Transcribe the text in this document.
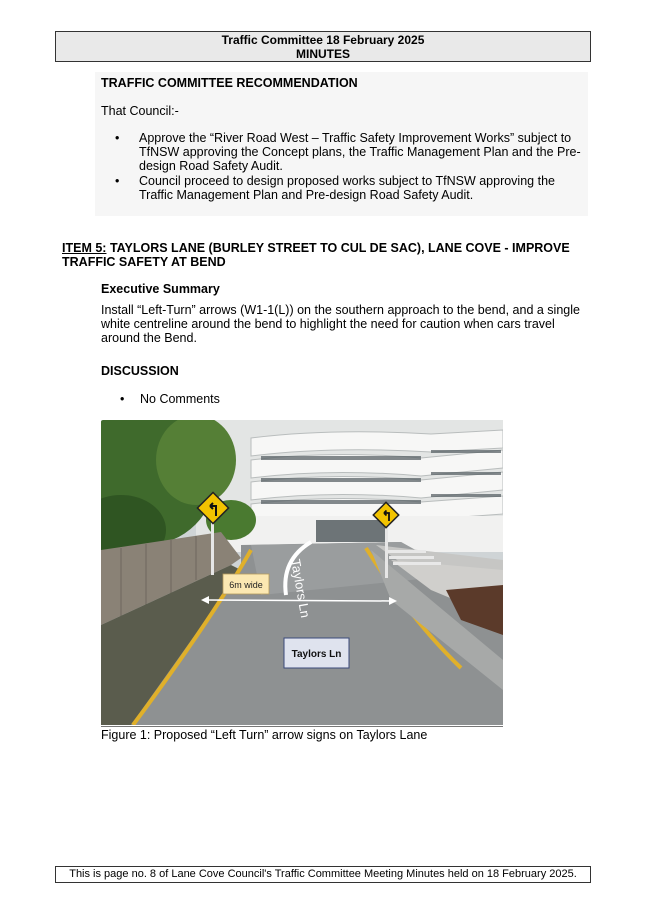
Traffic Committee 18 February 2025
MINUTES
TRAFFIC COMMITTEE RECOMMENDATION
That Council:-
• Approve the “River Road West – Traffic Safety Improvement Works” subject to TfNSW approving the Concept plans, the Traffic Management Plan and the Pre-design Road Safety Audit.
• Council proceed to design proposed works subject to TfNSW approving the Traffic Management Plan and Pre-design Road Safety Audit.
ITEM 5: TAYLORS LANE (BURLEY STREET TO CUL DE SAC), LANE COVE - IMPROVE TRAFFIC SAFETY AT BEND
Executive Summary
Install “Left-Turn” arrows (W1-1(L)) on the southern approach to the bend, and a single white centreline around the bend to highlight the need for caution when cars travel around the Bend.
DISCUSSION
• No Comments
Taylors Ln
6m wide
Taylors Ln
Figure 1: Proposed “Left Turn” arrow signs on Taylors Lane
This is page no. 8 of Lane Cove Council's Traffic Committee Meeting Minutes held on 18 February 2025.
